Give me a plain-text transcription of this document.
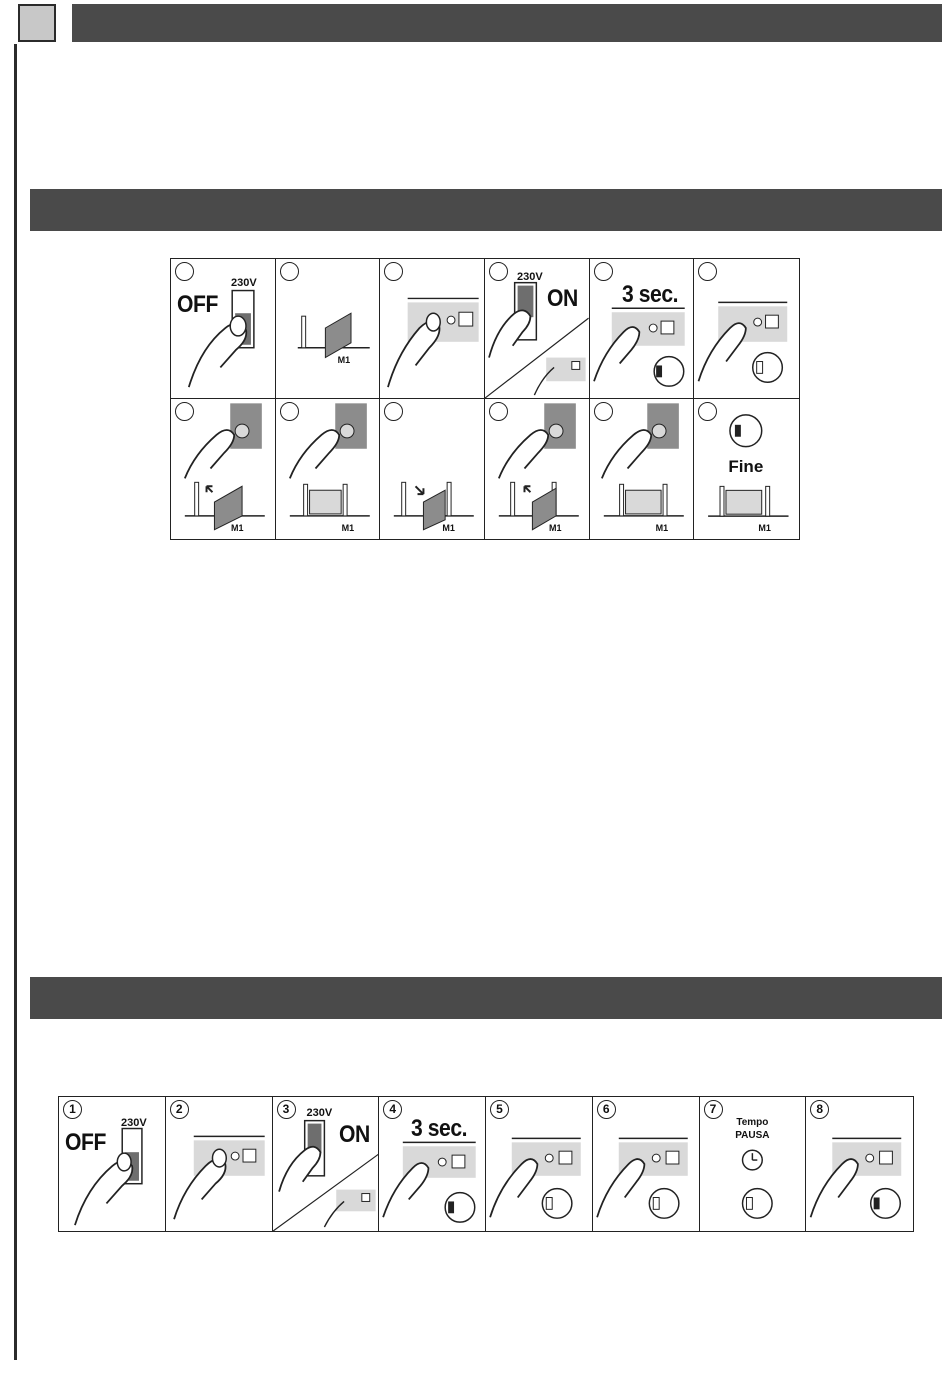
230V
OFF
M1
230V
ON 3 sec.
M1	M1	M1	M1	M1
Fine
M1
1
230V
OFF
2	3	230V
ON
4
3 sec.
5	6	7
Tempo
PAUSA
8
